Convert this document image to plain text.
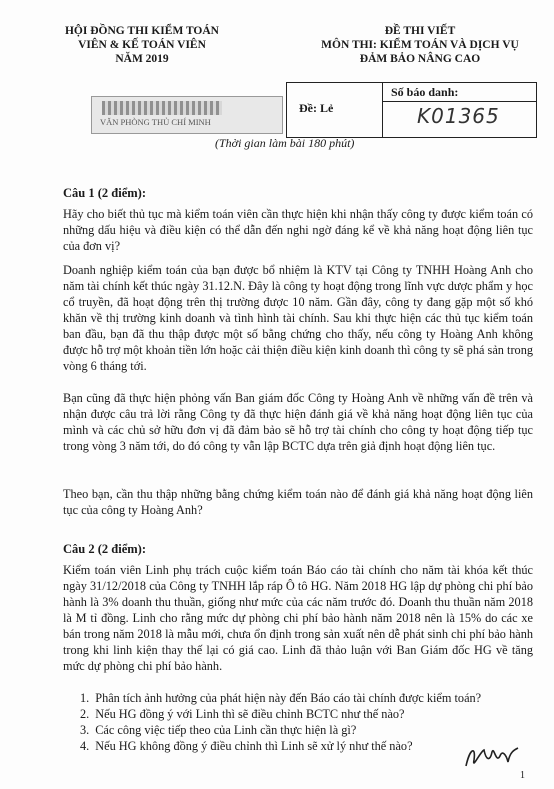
HỘI ĐỒNG THI KIỂM TOÁN
VIÊN & KẾ TOÁN VIÊN
NĂM 2019
ĐỀ THI VIẾT
MÔN THI: KIỂM TOÁN VÀ DỊCH VỤ
ĐẢM BẢO NÂNG CAO
VĂN PHÒNG THỦ CHÍ MINH
Đề: Lẻ
Số báo danh:
K01365
(Thời gian làm bài 180 phút)
Câu 1 (2 điểm):

Hãy cho biết thủ tục mà kiểm toán viên cần thực hiện khi nhận thấy công ty được kiểm toán có những dấu hiệu và điều kiện có thể dẫn đến nghi ngờ đáng kể về khả năng hoạt động liên tục của đơn vị?

Doanh nghiệp kiểm toán của bạn được bổ nhiệm là KTV tại Công ty TNHH Hoàng Anh cho năm tài chính kết thúc ngày 31.12.N. Đây là công ty hoạt động trong lĩnh vực dược phẩm y học cổ truyền, đã hoạt động trên thị trường được 10 năm. Gần đây, công ty đang gặp một số khó khăn về thị trường kinh doanh và tình hình tài chính. Sau khi thực hiện các thủ tục kiểm toán ban đầu, bạn đã thu thập được một số bằng chứng cho thấy, nếu công ty Hoàng Anh không được hỗ trợ một khoản tiền lớn hoặc cải thiện điều kiện kinh doanh thì công ty sẽ phá sản trong vòng 6 tháng tới.

Bạn cũng đã thực hiện phỏng vấn Ban giám đốc Công ty Hoàng Anh về những vấn đề trên và nhận được câu trả lời rằng Công ty đã thực hiện đánh giá về khả năng hoạt động liên tục của mình và các chủ sở hữu đơn vị đã đảm bảo sẽ hỗ trợ tài chính cho công ty hoạt động tiếp tục trong vòng 3 năm tới, do đó công ty vẫn lập BCTC dựa trên giả định hoạt động liên tục.

Theo bạn, cần thu thập những bằng chứng kiểm toán nào để đánh giá khả năng hoạt động liên tục của công ty Hoàng Anh?

Câu 2 (2 điểm):

Kiểm toán viên Linh phụ trách cuộc kiểm toán Báo cáo tài chính cho năm tài khóa kết thúc ngày 31/12/2018 của Công ty TNHH lắp ráp Ô tô HG. Năm 2018 HG lập dự phòng chi phí bảo hành là 3% doanh thu thuần, giống như mức của các năm trước đó. Doanh thu thuần năm 2018 là M tỉ đồng. Linh cho rằng mức dự phòng chi phí bảo hành năm 2018 nên là 15% do các xe bán trong năm 2018 là mẫu mới, chưa ổn định trong sản xuất nên dễ phát sinh chi phí bảo hành trong khi linh kiện thay thế lại có giá cao. Linh đã thảo luận với Ban Giám đốc HG về tăng mức dự phòng chi phí bảo hành.

1. Phân tích ảnh hưởng của phát hiện này đến Báo cáo tài chính được kiểm toán?
2. Nếu HG đồng ý với Linh thì sẽ điều chỉnh BCTC như thế nào?
3. Các công việc tiếp theo của Linh cần thực hiện là gì?
4. Nếu HG không đồng ý điều chỉnh thì Linh sẽ xử lý như thế nào?
1
